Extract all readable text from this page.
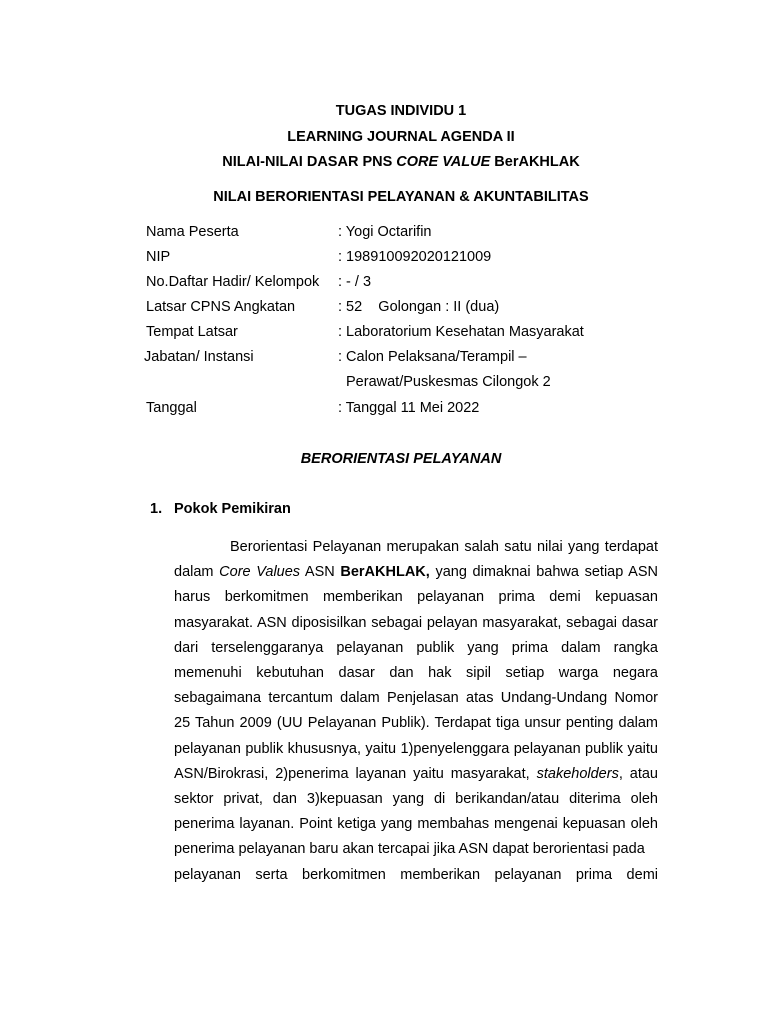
TUGAS INDIVIDU 1
LEARNING JOURNAL AGENDA II
NILAI-NILAI DASAR PNS CORE VALUE BerAKHLAK
NILAI BERORIENTASI PELAYANAN & AKUNTABILITAS
Nama Peserta	: Yogi Octarifin
NIP	: 198910092020121009
No.Daftar Hadir/ Kelompok : - / 3
Latsar CPNS Angkatan	: 52    Golongan : II (dua)
Tempat Latsar	: Laboratorium Kesehatan Masyarakat
Jabatan/ Instansi	: Calon Pelaksana/Terampil –
Perawat/Puskesmas Cilongok 2
Tanggal	: Tanggal 11 Mei 2022
BERORIENTASI PELAYANAN
1. Pokok Pemikiran
Berorientasi Pelayanan merupakan salah satu nilai yang terdapat dalam Core Values ASN BerAKHLAK, yang dimaknai bahwa setiap ASN harus berkomitmen memberikan pelayanan prima demi kepuasan masyarakat. ASN diposisilkan sebagai pelayan masyarakat, sebagai dasar dari terselenggaranya pelayanan publik yang prima dalam rangka memenuhi kebutuhan dasar dan hak sipil setiap warga negara sebagaimana tercantum dalam Penjelasan atas Undang-Undang Nomor 25 Tahun 2009 (UU Pelayanan Publik). Terdapat tiga unsur penting dalam pelayanan publik khususnya, yaitu 1)penyelenggara pelayanan publik yaitu ASN/Birokrasi, 2)penerima layanan yaitu masyarakat, stakeholders, atau sektor privat, dan 3)kepuasan yang di berikandan/atau diterima oleh penerima layanan. Point ketiga yang membahas mengenai kepuasan oleh penerima pelayanan baru akan tercapai jika ASN dapat berorientasi pada
pelayanan serta berkomitmen memberikan pelayanan prima demi
